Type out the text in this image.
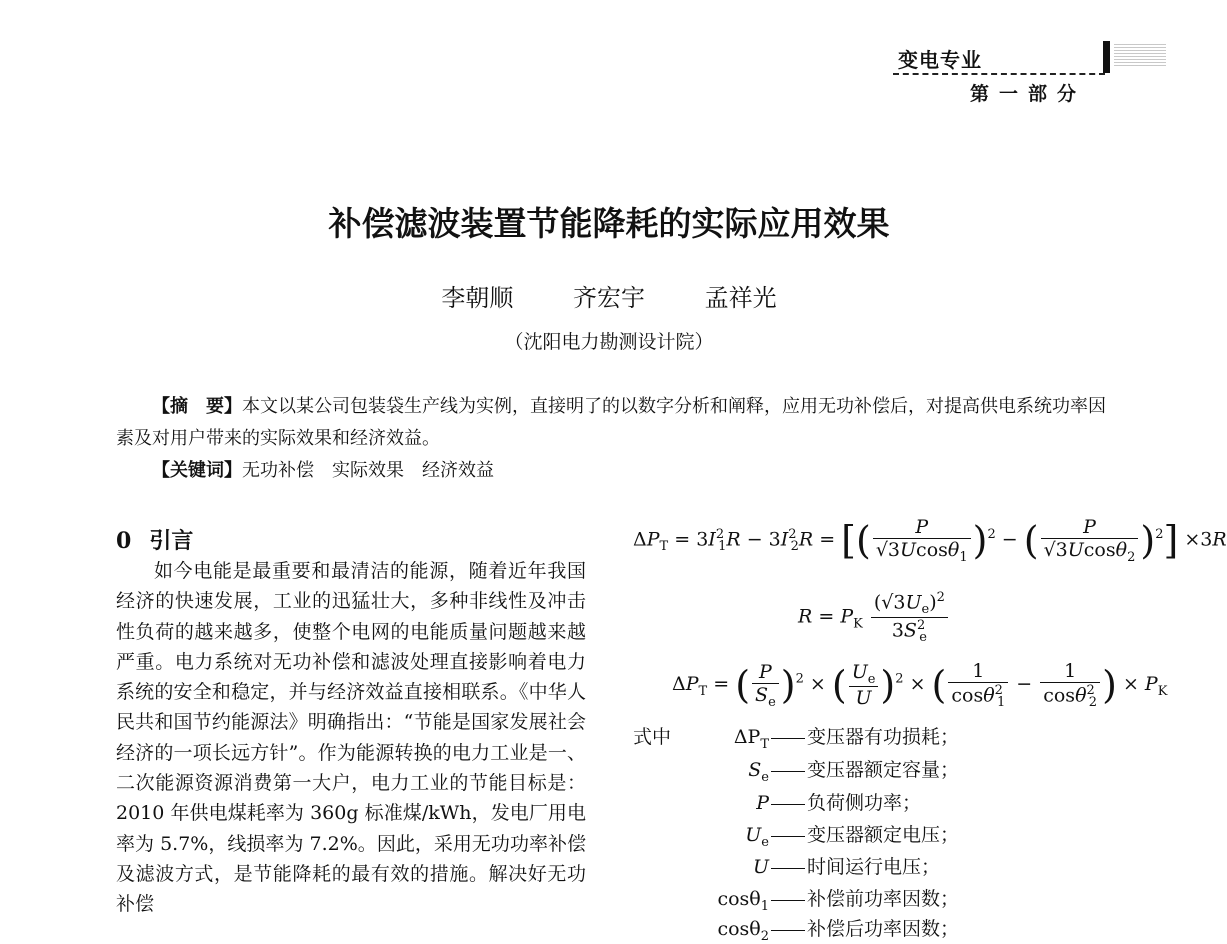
变电专业
第一部分
补偿滤波装置节能降耗的实际应用效果
李朝顺 齐宏宇 孟祥光
（沈阳电力勘测设计院）

【摘　要】本文以某公司包装袋生产线为实例，直接明了的以数字分析和阐释，应用无功补偿后，对提高供电系统功率因素及对用户带来的实际效果和经济效益。

【关键词】无功补偿　实际效果　经济效益

0 引言

如今电能是最重要和最清洁的能源，随着近年我国经济的快速发展，工业的迅猛壮大，多种非线性及冲击性负荷的越来越多，使整个电网的电能质量问题越来越严重。电力系统对无功补偿和滤波处理直接影响着电力系统的安全和稳定，并与经济效益直接相联系。《中华人民共和国节约能源法》明确指出：“节能是国家发展社会经济的一项长远方针”。作为能源转换的电力工业是一、二次能源资源消费第一大户，电力工业的节能目标是：2010 年供电煤耗率为 360g 标准煤/kWh，发电厂用电率为 5.7%，线损率为 7.2%。因此，采用无功功率补偿及滤波方式，是节能降耗的最有效的措施。解决好无功补偿

$\Delta P_T = 3I^2_1R - 3I^2_2R$ = [( $\frac{P}{√3Ucos\theta_1} )^2$ − ( $\frac{P}{√3Ucos\theta_2} )^2] \times 3R$
$R = P_K \frac{(√3U_e)^2}{3S^2_e}$
$\Delta P_T$ = ( $\frac{P}{S_e} )^2$ × ( $\frac{U_e}{U} )^2$ × ( $\frac{1}{\cos\theta^2_1} - \frac{1}{\cos\theta^2_2}$ ) × $P_K$
式中	$\Delta P_T$ 变压器有功损耗；
$S_e$ 变压器额定容量；
P 负荷侧功率；
$U_e$ 变压器额定电压；
U 时间运行电压；
cosθ$_1$ 补偿前功率因数；
cosθ$_2$ 补偿后功率因数；
